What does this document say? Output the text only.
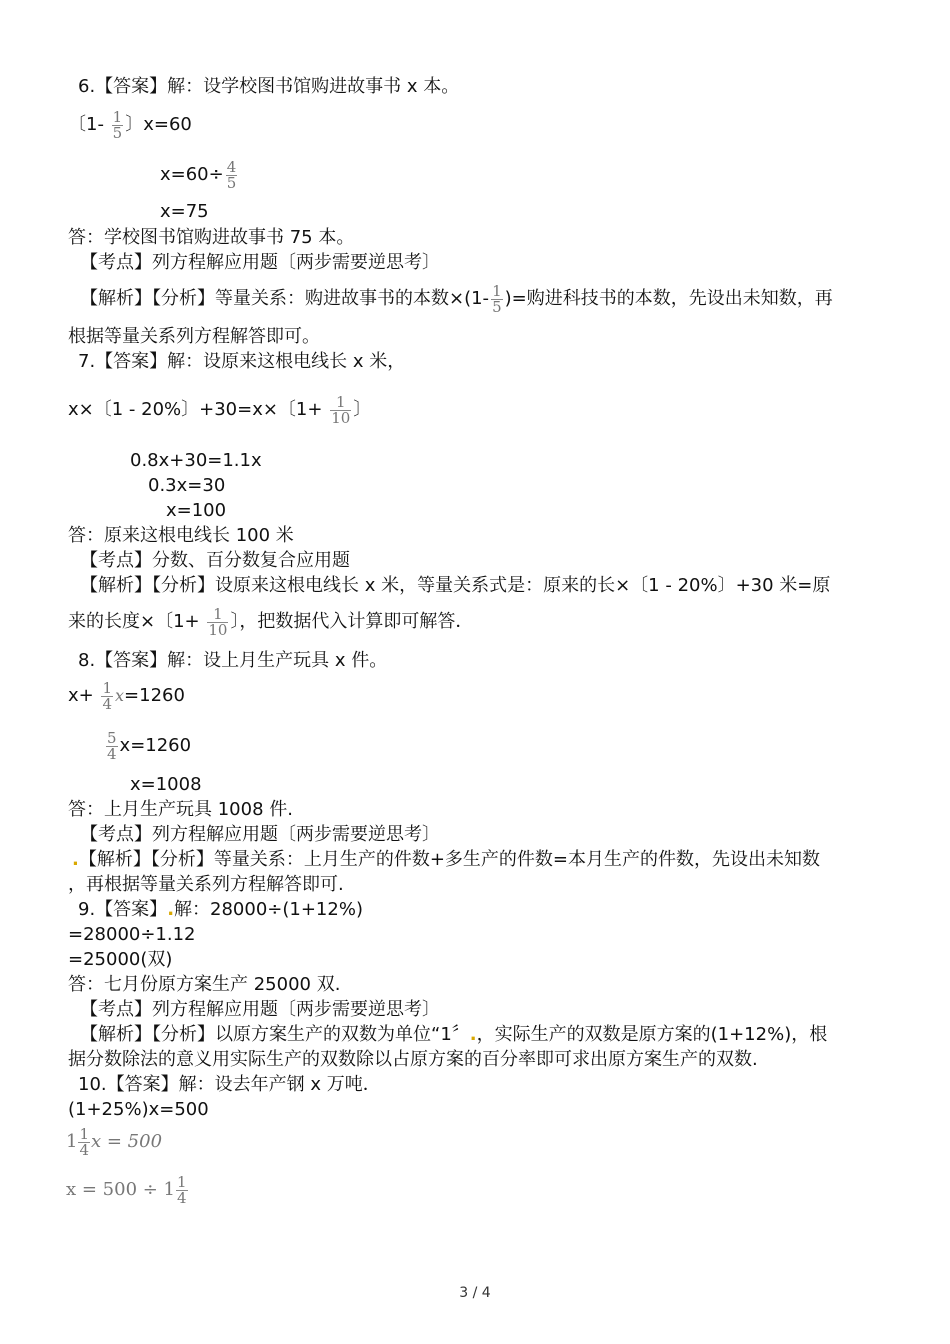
6.【答案】解：设学校图书馆购进故事书 x 本。
〔$1- \frac{1}{5}$ 〕x=60
$x=60\div \frac{4}{5}$
x=75
答：学校图书馆购进故事书 75 本。
【考点】列方程解应用题〔两步需要逆思考〕
【解析】【分析】等量关系：购进故事书的本数$\times(1- \frac{1}{5}$ )=购进科技书的本数，先设出未知数，再
根据等量关系列方程解答即可。
7.【答案】解：设原来这根电线长 x 米，
x×〔1 - 20%〕+30=x×〔$1+ \frac{1}{10}$ 〕
0.8x+30=1.1x
0.3x=30
x=100
答：原来这根电线长 100 米
【考点】分数、百分数复合应用题
【解析】【分析】设原来这根电线长 x 米，等量关系式是：原来的长×〔1 - 20%〕+30 米=原
来的长度×〔$1+ \frac{1}{10}$ 〕，把数据代入计算即可解答．
8.【答案】解：设上月生产玩具 x 件。
$x+ \frac{1}{4} x=1260$
$\frac{5}{4} x=1260$
x=1008
答：上月生产玩具 1008 件.
【考点】列方程解应用题〔两步需要逆思考〕
.【解析】【分析】等量关系：上月生产的件数+多生产的件数=本月生产的件数，先设出未知数
，再根据等量关系列方程解答即可.
9.【答案】.解：28000÷(1+12%)
=28000÷1.12
=25000(双)
答：七月份原方案生产 25000 双.
【考点】列方程解应用题〔两步需要逆思考〕
【解析】【分析】以原方案生产的双数为单位“1〞.，实际生产的双数是原方案的(1+12%)，根
据分数除法的意义用实际生产的双数除以占原方案的百分率即可求出原方案生产的双数.
10.【答案】解：设去年产钢 x 万吨．
(1+25%)x=500
$1 \frac{1}{4}$ x = 500
$x = 500 \div 1 \frac{1}{4}$
3 / 4
